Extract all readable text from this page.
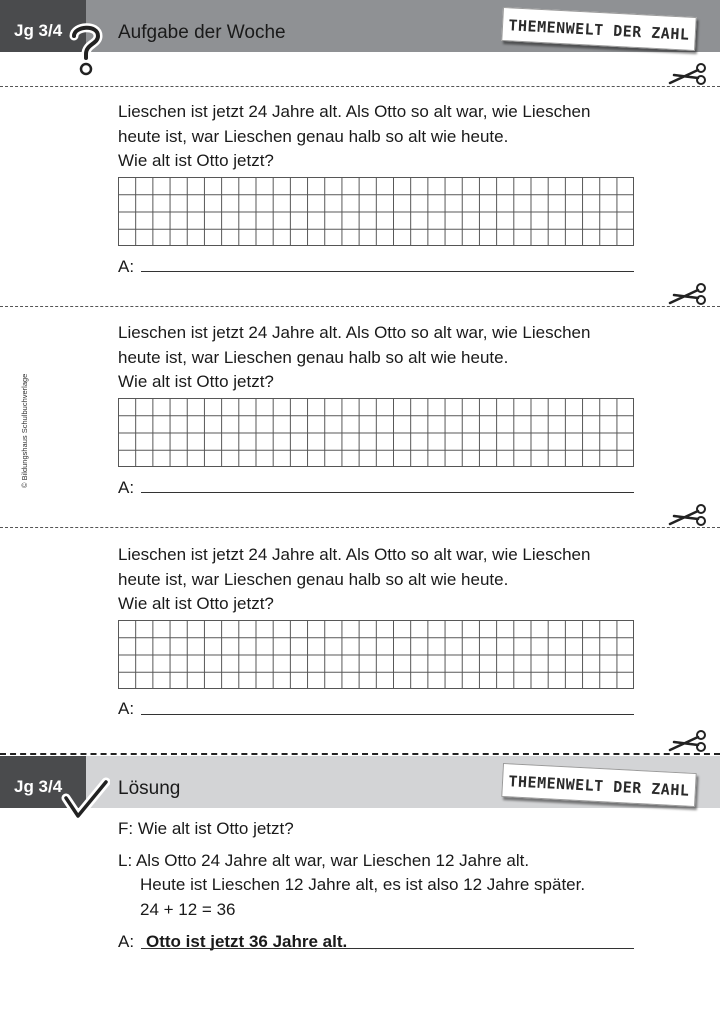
Jg 3/4	Aufgabe der Woche	THEMENWELT DER ZAHL
Lieschen ist jetzt 24 Jahre alt. Als Otto so alt war, wie Lieschen
heute ist, war Lieschen genau halb so alt wie heute.
Wie alt ist Otto jetzt?
A:
Lieschen ist jetzt 24 Jahre alt. Als Otto so alt war, wie Lieschen
heute ist, war Lieschen genau halb so alt wie heute.
Wie alt ist Otto jetzt?
A:
Lieschen ist jetzt 24 Jahre alt. Als Otto so alt war, wie Lieschen
heute ist, war Lieschen genau halb so alt wie heute.
Wie alt ist Otto jetzt?
A:
© Bildungshaus Schulbuchverlage
Jg 3/4	Lösung	THEMENWELT DER ZAHL
F: Wie alt ist Otto jetzt?
L: Als Otto 24 Jahre alt war, war Lieschen 12 Jahre alt.
Heute ist Lieschen 12 Jahre alt, es ist also 12 Jahre später.
24 + 12 = 36
A: Otto ist jetzt 36 Jahre alt.
